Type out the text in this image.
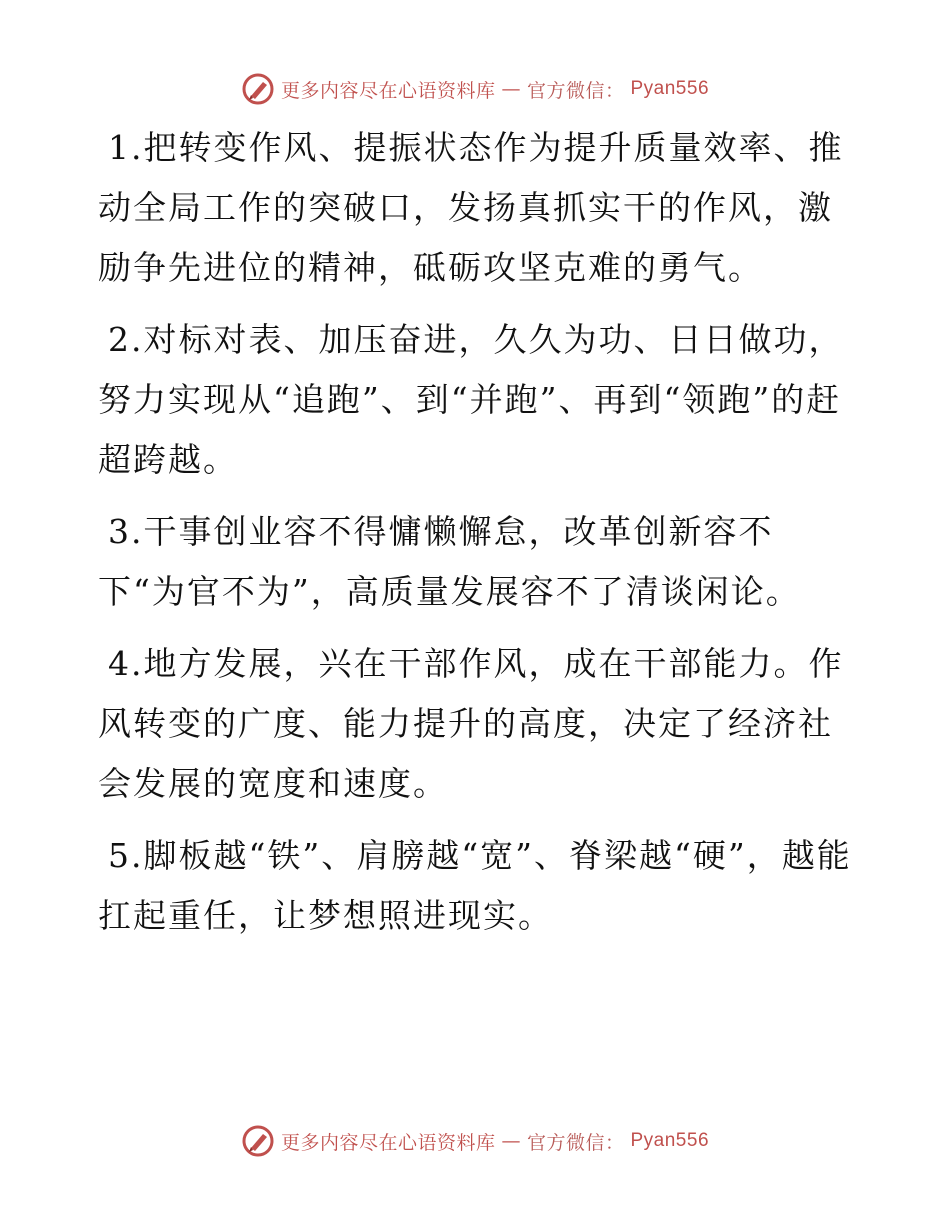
更多内容尽在心语资料库 — 官方微信： Pyan556

1.把转变作风、提振状态作为提升质量效率、推动全局工作的突破口，发扬真抓实干的作风，激励争先进位的精神，砥砺攻坚克难的勇气。

2.对标对表、加压奋进，久久为功、日日做功，努力实现从“追跑”、到“并跑”、再到“领跑”的赶超跨越。

3.干事创业容不得慵懒懈怠，改革创新容不下“为官不为”，高质量发展容不了清谈闲论。

4.地方发展，兴在干部作风，成在干部能力。作风转变的广度、能力提升的高度，决定了经济社会发展的宽度和速度。

5.脚板越“铁”、肩膀越“宽”、脊梁越“硬”，越能扛起重任，让梦想照进现实。

更多内容尽在心语资料库 — 官方微信： Pyan556
